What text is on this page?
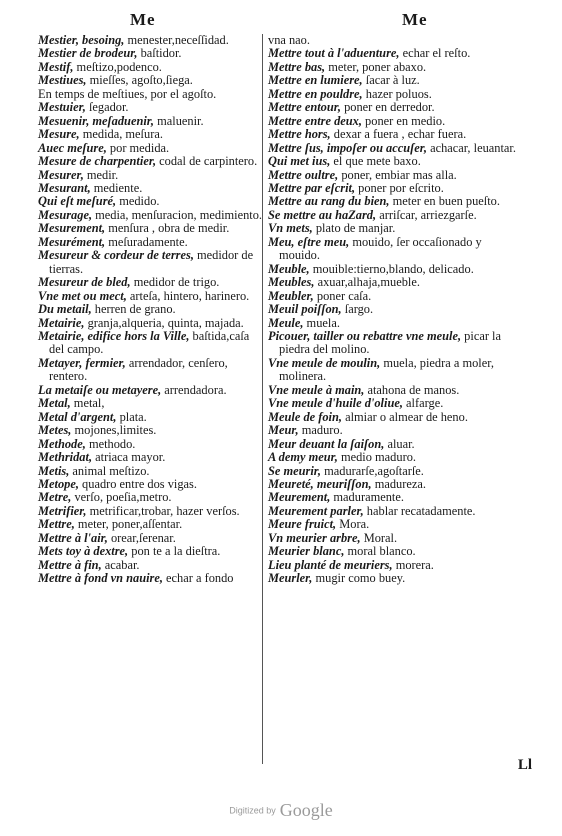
Me	Me

Mestier, besoing, menester,neceſſidad.

Mestier de brodeur, baſtidor.

Mestif, meſtizo,podenco.

Mestiues, mieſſes, agoſto,ſiega.

En temps de meſtiues, por el agoſto.

Mestuier, ſegador.

Mesuenir, meſaduenir, maluenir.

Mesure, medida, meſura.

Auec meſure, por medida.

Mesure de charpentier, codal de carpintero.

Mesurer, medir.

Mesurant, mediente.

Qui eſt meſuré, medido.

Mesurage, media, menſuracion, medimiento.

Mesurement, menſura , obra de medir.

Mesurément, meſuradamente.

Mesureur & cordeur de terres, medidor de tierras.

Mesureur de bled, medidor de trigo.

Vne met ou mect, arteſa, hintero, harinero.

Du metail, herren de grano.

Metairie, granja,alqueria, quinta, majada.

Metairie, edifice hors la Ville, baſtida,caſa del campo.

Metayer, fermier, arrendador, cenſero, rentero.

La metaiſe ou metayere, arrendadora.

Metal, metal,

Metal d'argent, plata.

Metes, mojones,limites.

Methode, methodo.

Methridat, atriaca mayor.

Metis, animal meſtizo.

Metope, quadro entre dos vigas.

Metre, verſo, poeſia,metro.

Metrifier, metrificar,trobar, hazer verſos.

Mettre, meter, poner,aſſentar.

Mettre à l'air, orear,ſerenar.

Mets toy à dextre, pon te a la dieſtra.

Mettre à fin, acabar.

Mettre à fond vn nauire, echar a fondo

vna nao.

Mettre tout à l'aduenture, echar el reſto.

Mettre bas, meter, poner abaxo.

Mettre en lumiere, ſacar à luz.

Mettre en pouldre, hazer poluos.

Mettre entour, poner en derredor.

Mettre entre deux, poner en medio.

Mettre hors, dexar a fuera , echar fuera.

Mettre ſus, impoſer ou accuſer, achacar, leuantar.

Qui met ius, el que mete baxo.

Mettre oultre, poner, embiar mas alla.

Mettre par eſcrit, poner por eſcrito.

Mettre au rang du bien, meter en buen pueſto.

Se mettre au haZard, arriſcar, arriezgarſe.

Vn mets, plato de manjar.

Meu, eſtre meu, mouido, ſer occaſionado y mouido.

Meuble, mouible:tierno,blando, delicado.

Meubles, axuar,alhaja,mueble.

Meubler, poner caſa.

Meuil poiſſon, ſargo.

Meule, muela.

Picouer, tailler ou rebattre vne meule, picar la piedra del molino.

Vne meule de moulin, muela, piedra a moler, molinera.

Vne meule à main, atahona de manos.

Vne meule d'huile d'oliue, alfarge.

Meule de foin, almiar o almear de heno.

Meur, maduro.

Meur deuant la ſaiſon, aluar.

A demy meur, medio maduro.

Se meurir, madurarſe,agoſtarſe.

Meureté, meuriſſon, madureza.

Meurement, maduramente.

Meurement parler, hablar recatadamente.

Meure fruict, Mora.

Vn meurier arbre, Moral.

Meurier blanc, moral blanco.

Lieu planté de meuriers, morera.

Meurler, mugir como buey.

Ll
Digitized by Google
